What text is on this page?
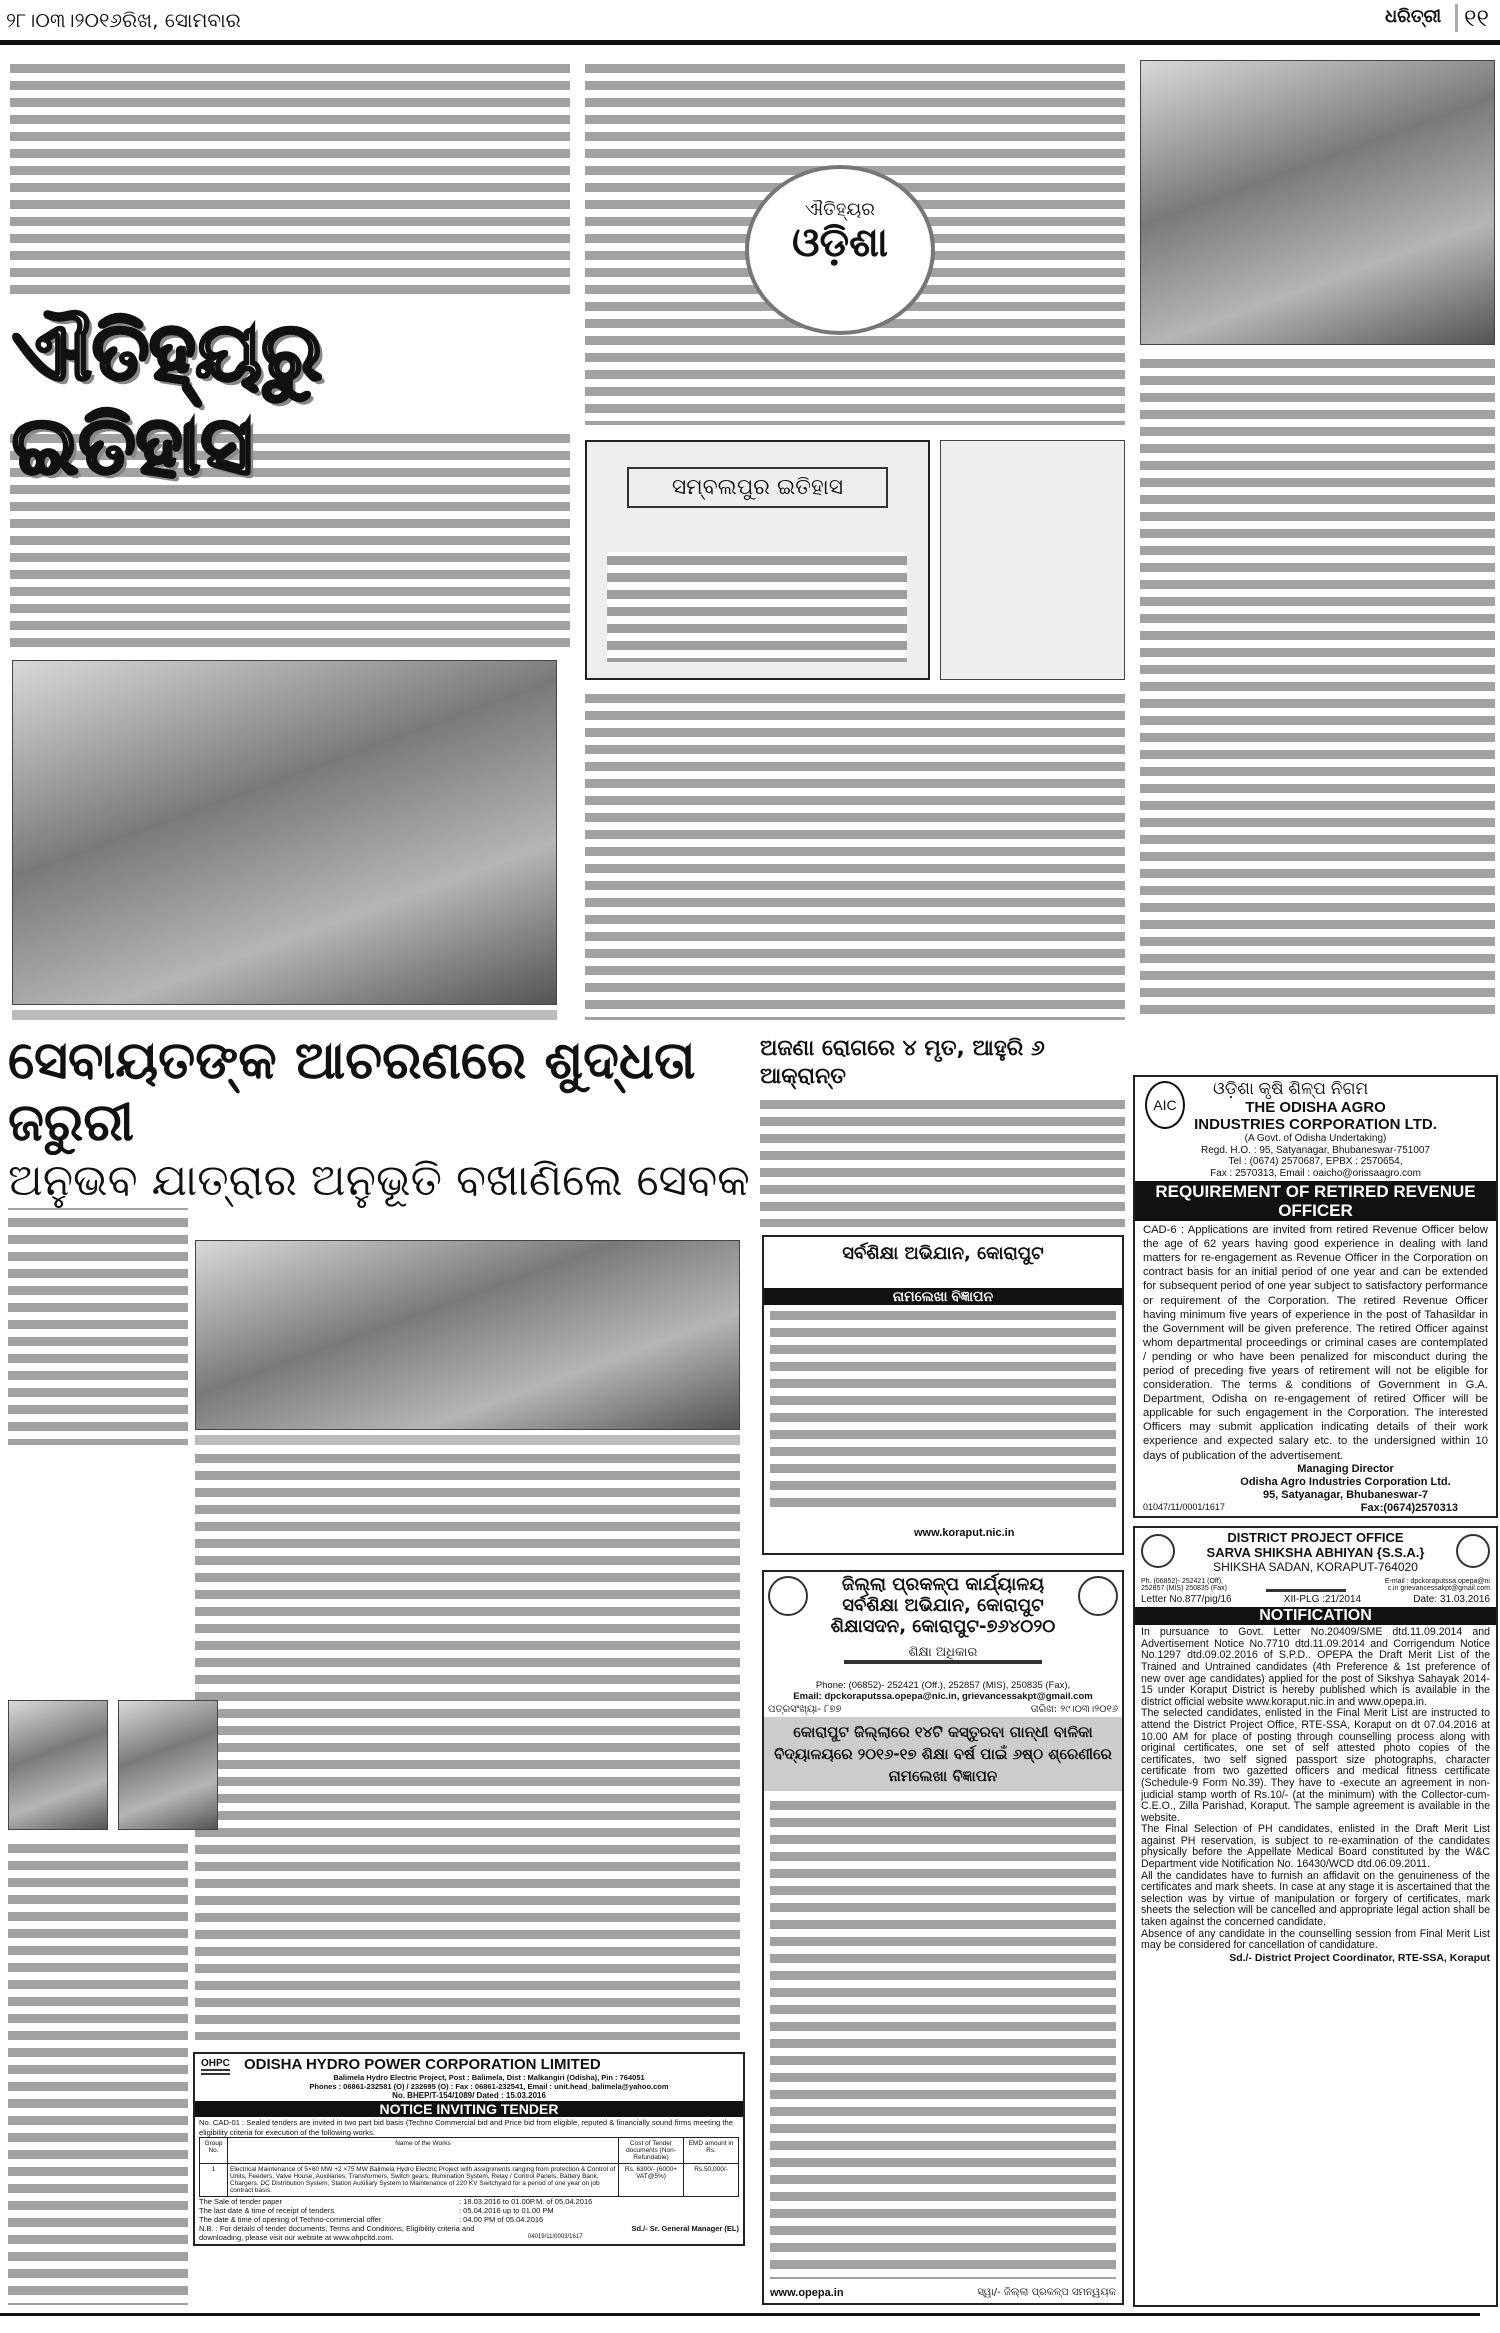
୨୮।୦୩।୨୦୧୬ରିଖ, ସୋମବାର	ଧରିତ୍ରୀ ୧୧
ଐତିହ୍ୟରୁ ଇତିହାସ
ଐତିହ୍ୟର
ଓଡ଼ିଶା
ସମ୍ବଲପୁର ଇତିହାସ
ସେବାୟତଙ୍କ ଆଚରଣରେ ଶୁଦ୍ଧତା ଜରୁରୀ
ଅନୁଭବ ଯାତ୍ରାର ଅନୁଭୂତି ବଖାଣିଲେ ସେବକ
ଅଜଣା ରୋଗରେ ୪ ମୃତ, ଆହୁରି ୬ ଆକ୍ରାନ୍ତ
ସର୍ବଶିକ୍ଷା ଅଭିଯାନ, କୋରାପୁଟ
ନାମଲେଖା ବିଜ୍ଞାପନ
www.koraput.nic.in
ଜିଲ୍ଲା ପ୍ରକଳ୍ପ କାର୍ଯ୍ୟାଳୟ
ସର୍ବଶିକ୍ଷା ଅଭିଯାନ, କୋରାପୁଟ
ଶିକ୍ଷାସଦନ, କୋରାପୁଟ-୭୬୪୦୨୦
ଶିକ୍ଷା ଅଧିକାର
Phone: (06852)- 252421 (Off.), 252857 (MIS), 250835 (Fax),
Email: dpckoraputssa.opepa@nic.in, grievancessakpt@gmail.com
ପତ୍ରସଂଖ୍ୟା- ୮୭୭	ତାରିଖ: ୨୯।୦୩।୨୦୧୬
କୋରାପୁଟ ଜିଲ୍ଲାରେ ୧୪ଟି କସ୍ତୁରବା ଗାନ୍ଧୀ ବାଳିକା ବିଦ୍ୟାଳୟରେ ୨୦୧୬-୧୭ ଶିକ୍ଷା ବର୍ଷ ପାଇଁ ୬ଷ୍ଠ ଶ୍ରେଣୀରେ ନାମଲେଖା ବିଜ୍ଞାପନ
www.opepa.in	ସ୍ୱା/- ଜିଲ୍ଲା ପ୍ରକଳ୍ପ ସମନ୍ୱୟକ
AIC
ଓଡ଼ିଶା କୃଷି ଶିଳ୍ପ ନିଗମ
THE ODISHA AGRO
INDUSTRIES CORPORATION LTD.
(A Govt. of Odisha Undertaking)
Regd. H.O. : 95, Satyanagar, Bhubaneswar-751007
Tel : (0674) 2570687, EPBX : 2570654,
Fax : 2570313, Email : oaicho@orissaagro.com
REQUIREMENT OF RETIRED REVENUE OFFICER
CAD-6 : Applications are invited from retired Revenue Officer below the age of 62 years having good experience in dealing with land matters for re-engagement as Revenue Officer in the Corporation on contract basis for an initial period of one year and can be extended for subsequent period of one year subject to satisfactory performance or requirement of the Corporation. The retired Revenue Officer having minimum five years of experience in the post of Tahasildar in the Government will be given preference. The retired Officer against whom departmental proceedings or criminal cases are contemplated / pending or who have been penalized for misconduct during the period of preceding five years of retirement will not be eligible for consideration. The terms & conditions of Government in G.A. Department, Odisha on re-engagement of retired Officer will be applicable for such engagement in the Corporation. The interested Officers may submit application indicating details of their work experience and expected salary etc. to the undersigned within 10 days of publication of the advertisement.
Managing Director
Odisha Agro Industries Corporation Ltd.
95, Satyanagar, Bhubaneswar-7
01047/11/0001/1617	Fax:(0674)2570313
DISTRICT PROJECT OFFICE
SARVA SHIKSHA ABHIYAN {S.S.A.}
SHIKSHA SADAN, KORAPUT-764020
Ph. (06852)- 252421 (Off), 252857 (MIS) 250835 (Fax)
E-mail : dpckoraputssa.opepa@nic.in grievancessakpt@gmail.com
Letter No.877/pig/16	XII-PLG :21/2014	Date: 31.03.2016
NOTIFICATION
In pursuance to Govt. Letter No.20409/SME dtd.11.09.2014 and Advertisement Notice No.7710 dtd.11.09.2014 and Corrigendum Notice No.1297 dtd.09.02.2016 of S.P.D.. OPEPA the Draft Merit List of the Trained and Untrained candidates (4th Preference & 1st preference of new over age candidates) applied for the post of Sikshya Sahayak 2014-15 under Koraput District is hereby published which is available in the district official website www.koraput.nic.in and www.opepa.in.
The selected candidates, enlisted in the Final Merit List are instructed to attend the District Project Office, RTE-SSA, Koraput on dt 07.04.2016 at 10.00 AM for place of posting through counselling process along with original certificates, one set of self attested photo copies of the certificates, two self signed passport size photographs, character certificate from two gazetted officers and medical fitness certificate (Schedule-9 Form No.39). They have to -execute an agreement in non-judicial stamp worth of Rs.10/- (at the minimum) with the Collector-cum-C.E.O., Zilla Parishad, Koraput. The sample agreement is available in the website.
The Final Selection of PH candidates, enlisted in the Draft Merit List against PH reservation, is subject to re-examination of the candidates physically before the Appellate Medical Board constituted by the W&C Department vide Notification No. 16430/WCD dtd.06.09.2011.
All the candidates have to furnish an affidavit on the genuineness of the certificates and mark sheets. In case at any stage it is ascertained that the selection was by virtue of manipulation or forgery of certificates, mark sheets the selection will be cancelled and appropriate legal action shall be taken against the concerned candidate.
Absence of any candidate in the counselling session from Final Merit List may be considered for cancellation of candidature.
Sd./- District Project Coordinator, RTE-SSA, Koraput
OHPC ODISHA HYDRO POWER CORPORATION LIMITED
Balimela Hydro Electric Project, Post : Balimela, Dist : Malkangiri (Odisha), Pin : 764051
Phones : 06861-232581 (O) / 232695 (O) : Fax : 06861-232541, Email : unit.head_balimela@yahoo.com
No. BHEP/T-154/1089/ Dated : 15.03.2016
NOTICE INVITING TENDER
No. CAD-01 : Sealed tenders are invited in two part bid basis (Techno Commercial bid and Price bid from eligible, reputed & financially sound firms meeting the eligibility criteria for execution of the following works.
Group No.	Name of the Works	Cost of Tender documents (Non-Refundable)	EMD amount in Rs.
1	Electrical Maintenance of 5×60 MW +2 ×75 MW Balimela Hydro Electric Project with assignments ranging from protection & Control of Units, Feeders, Valve House, Auxiliaries, Transformers, Switch gears, Illumination System, Relay / Control Panels, Battery Bank, Chargers. DC Distribution System, Station Auxiliary System to Maintenance of 220 KV Switchyard for a period of one year on job contract basis.	Rs. 6300/- (6000+ VAT@5%)	Rs.50,000/-
The Sale of tender paper	: 18.03.2016 to 01.00P.M. of 05.04.2016
The last date & time of receipt of tenders	: 05.04.2016 up to 01.00 PM
The date & time of opening of Techno-commercial offer	: 04.00 PM of 05.04.2016
N.B. : For details of tender documents, Terms and Conditions, Eligibility criteria and downloading, please visit our website at www.ohpcltd.com.	04019/11/0003/1617
Sd./- Sr. General Manager (EL)
